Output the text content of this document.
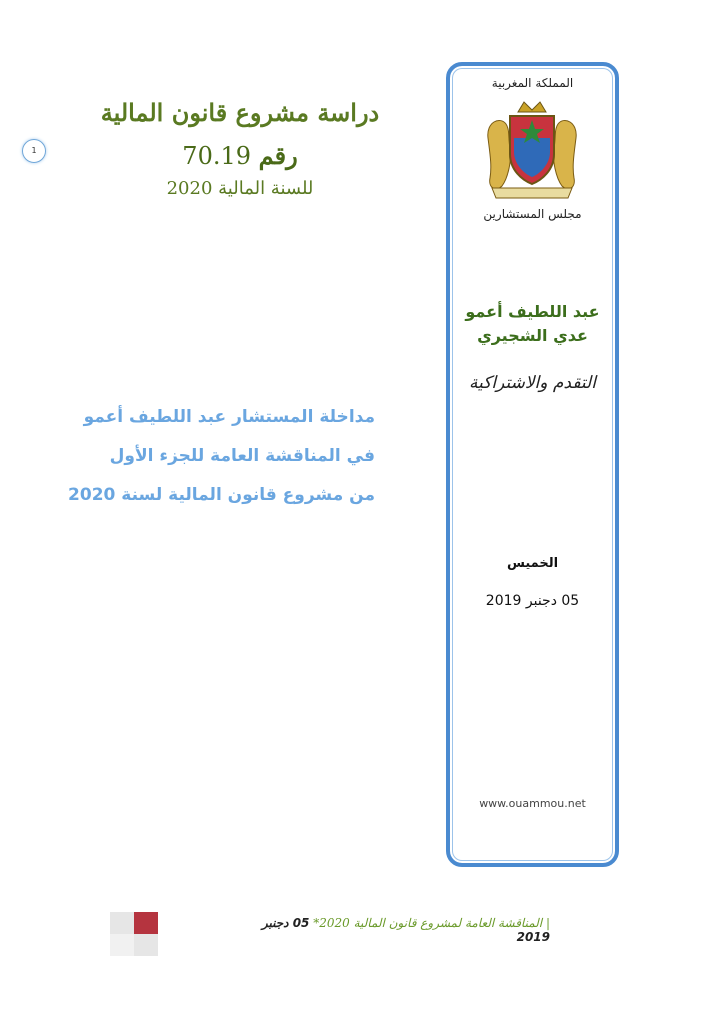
دراسة مشروع قانون المالية
رقم 70.19
للسنة المالية 2020
1
مداخلة المستشار عبد اللطيف أعمو
في المناقشة العامة للجزء الأول
من مشروع قانون المالية لسنة 2020
المملكة المغربية
مجلس المستشارين
عبد اللطيف أعمو
عدي الشجيري
التقدم والاشتراكية
الخميس
05 دجنبر 2019
www.ouammou.net
| المناقشة العامة لمشروع قانون المالية 2020* 05 دجنبر 2019
